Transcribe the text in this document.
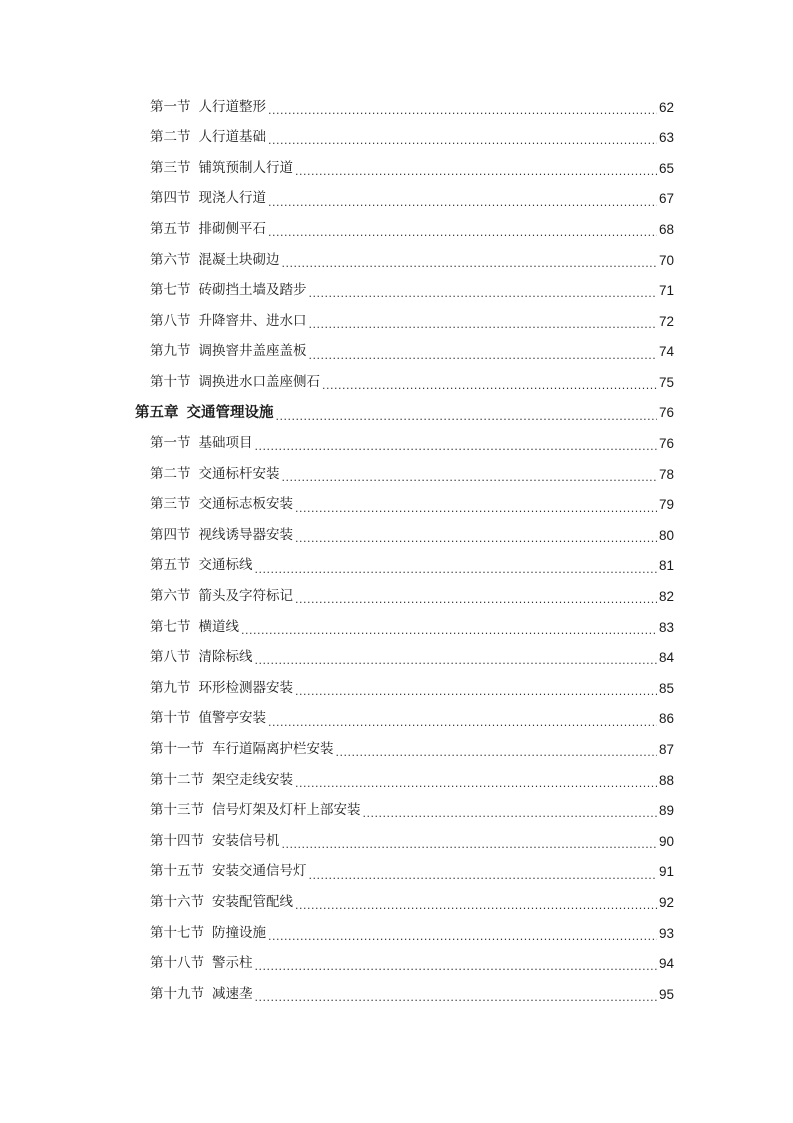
第一节 人行道整形 .....	62
第二节 人行道基础 .....	63
第三节 铺筑预制人行道 .....	65
第四节 现浇人行道 .....	67
第五节 排砌侧平石 .....	68
第六节 混凝土块砌边 .....	70
第七节 砖砌挡土墙及踏步 .....	71
第八节 升降窨井、进水口 .....	72
第九节 调换窨井盖座盖板 .....	74
第十节 调换进水口盖座侧石 .....	75
第五章 交通管理设施 .....	76
第一节 基础项目 .....	76
第二节 交通标杆安装 .....	78
第三节 交通标志板安装 .....	79
第四节 视线诱导器安装 .....	80
第五节 交通标线 .....	81
第六节 箭头及字符标记 .....	82
第七节 横道线 .....	83
第八节 清除标线 .....	84
第九节 环形检测器安装 .....	85
第十节 值警亭安装 .....	86
第十一节 车行道隔离护栏安装 .....	87
第十二节 架空走线安装 .....	88
第十三节 信号灯架及灯杆上部安装 .....	89
第十四节 安装信号机 .....	90
第十五节 安装交通信号灯 .....	91
第十六节 安装配管配线 .....	92
第十七节 防撞设施 .....	93
第十八节 警示柱 .....	94
第十九节 减速垄 .....	95
